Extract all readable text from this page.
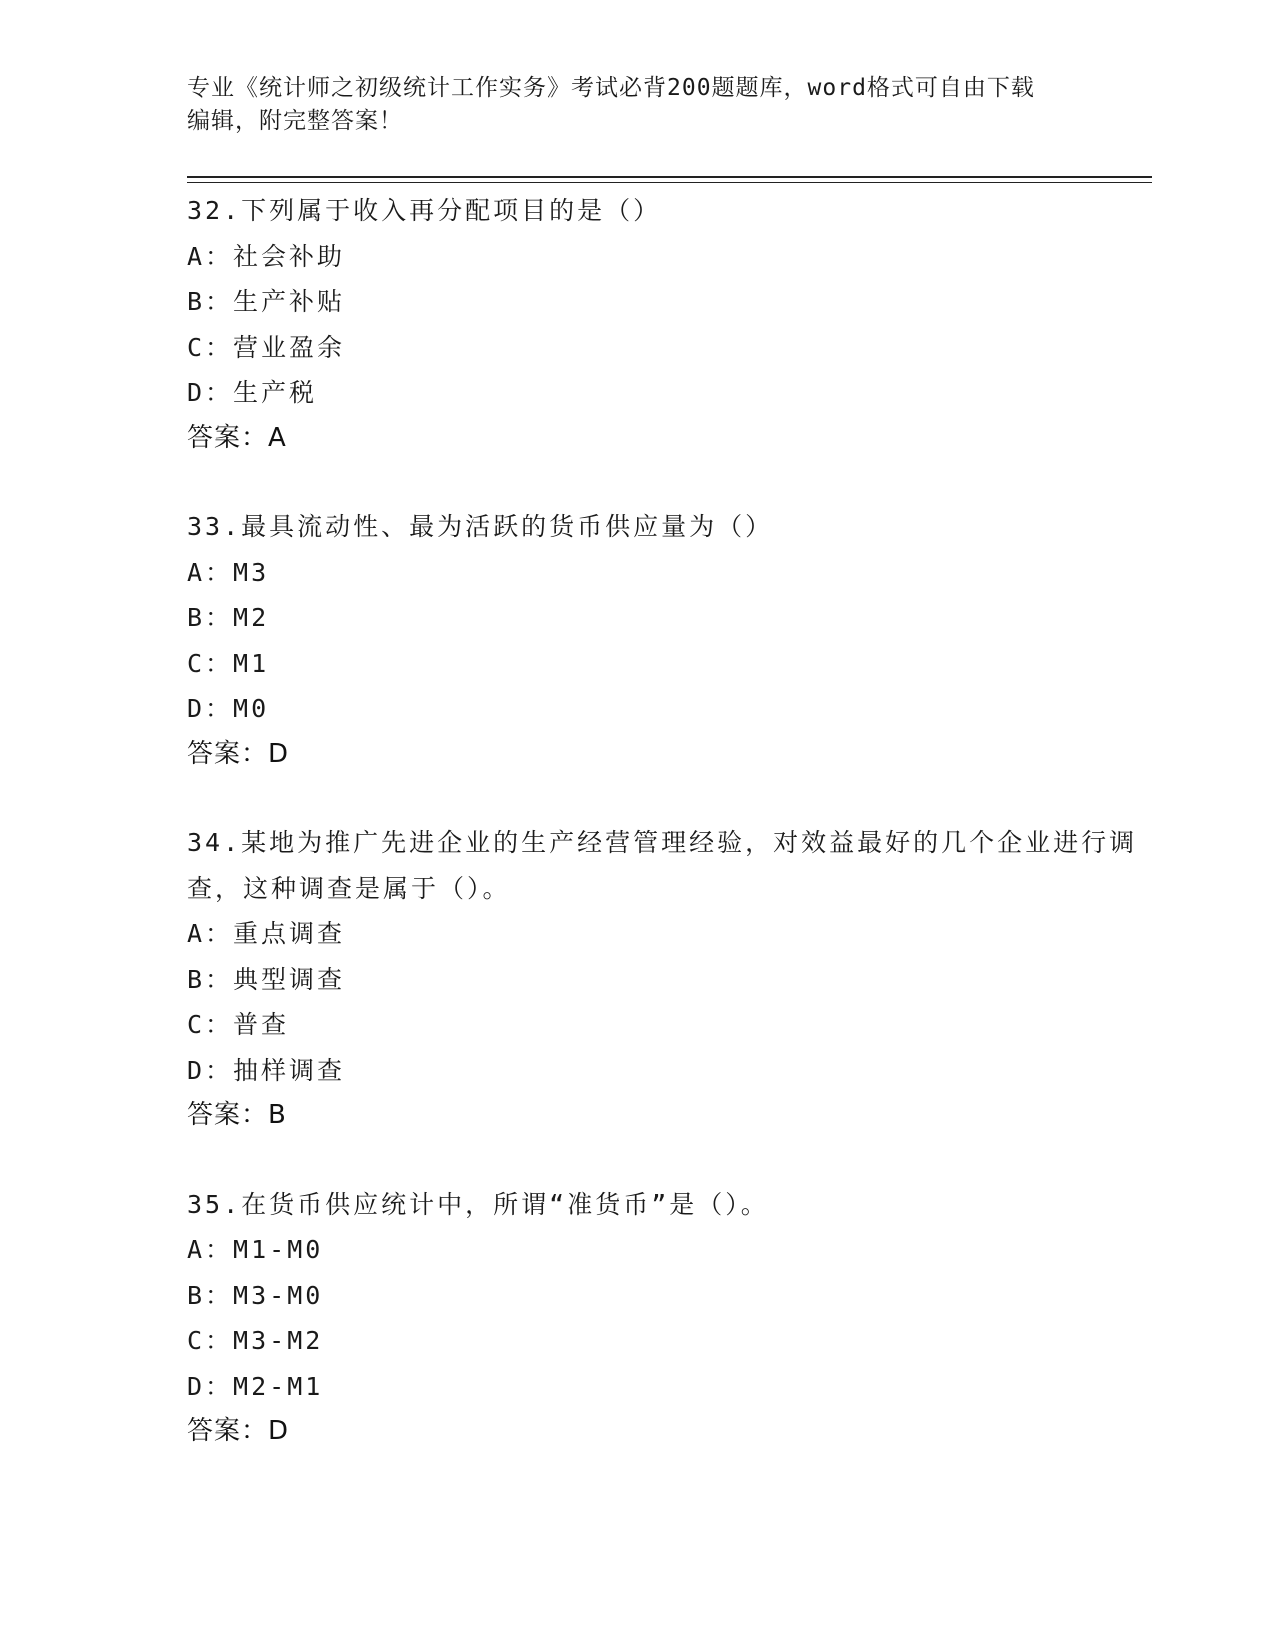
专业《统计师之初级统计工作实务》考试必背200题题库，word格式可自由下载
编辑，附完整答案！
32.下列属于收入再分配项目的是（）
A：社会补助
B：生产补贴
C：营业盈余
D：生产税
答案：A
33.最具流动性、最为活跃的货币供应量为（）
A：M3
B：M2
C：M1
D：M0
答案：D
34.某地为推广先进企业的生产经营管理经验，对效益最好的几个企业进行调查，这种调查是属于（）。
A：重点调查
B：典型调查
C：普查
D：抽样调查
答案：B
35.在货币供应统计中，所谓“准货币”是（）。
A：M1-M0
B：M3-M0
C：M3-M2
D：M2-M1
答案：D
